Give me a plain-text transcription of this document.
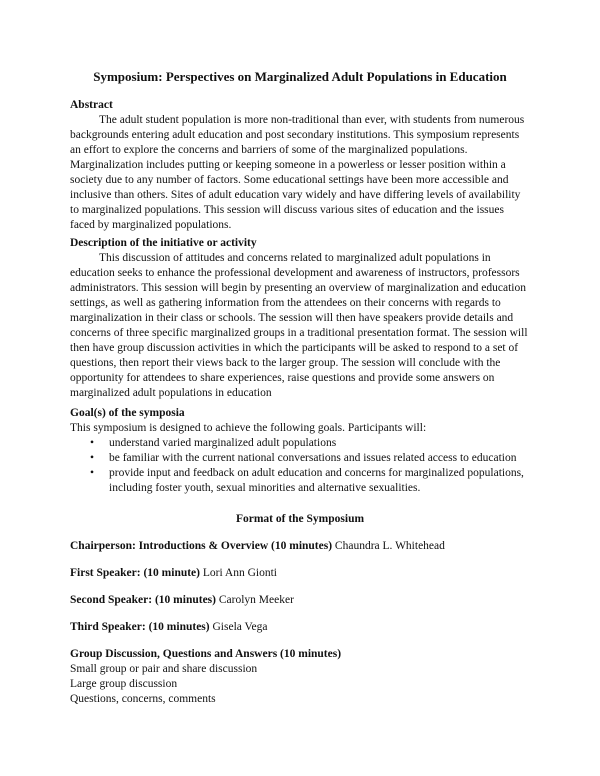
Symposium: Perspectives on Marginalized Adult Populations in Education
Abstract
The adult student population is more non-traditional than ever, with students from numerous backgrounds entering adult education and post secondary institutions. This symposium represents an effort to explore the concerns and barriers of some of the marginalized populations. Marginalization includes putting or keeping someone in a powerless or lesser position within a society due to any number of factors. Some educational settings have been more accessible and inclusive than others. Sites of adult education vary widely and have differing levels of availability to marginalized populations. This session will discuss various sites of education and the issues faced by marginalized populations.
Description of the initiative or activity
This discussion of attitudes and concerns related to marginalized adult populations in education seeks to enhance the professional development and awareness of instructors, professors administrators. This session will begin by presenting an overview of marginalization and education settings, as well as gathering information from the attendees on their concerns with regards to marginalization in their class or schools. The session will then have speakers provide details and concerns of three specific marginalized groups in a traditional presentation format. The session will then have group discussion activities in which the participants will be asked to respond to a set of questions, then report their views back to the larger group. The session will conclude with the opportunity for attendees to share experiences, raise questions and provide some answers on marginalized adult populations in education
Goal(s) of the symposia
This symposium is designed to achieve the following goals. Participants will:
• understand varied marginalized adult populations
• be familiar with the current national conversations and issues related access to education
• provide input and feedback on adult education and concerns for marginalized populations, including foster youth, sexual minorities and alternative sexualities.
Format of the Symposium
Chairperson: Introductions & Overview (10 minutes) Chaundra L. Whitehead
First Speaker: (10 minute) Lori Ann Gionti
Second Speaker: (10 minutes) Carolyn Meeker
Third Speaker: (10 minutes) Gisela Vega
Group Discussion, Questions and Answers (10 minutes)
Small group or pair and share discussion
Large group discussion
Questions, concerns, comments
